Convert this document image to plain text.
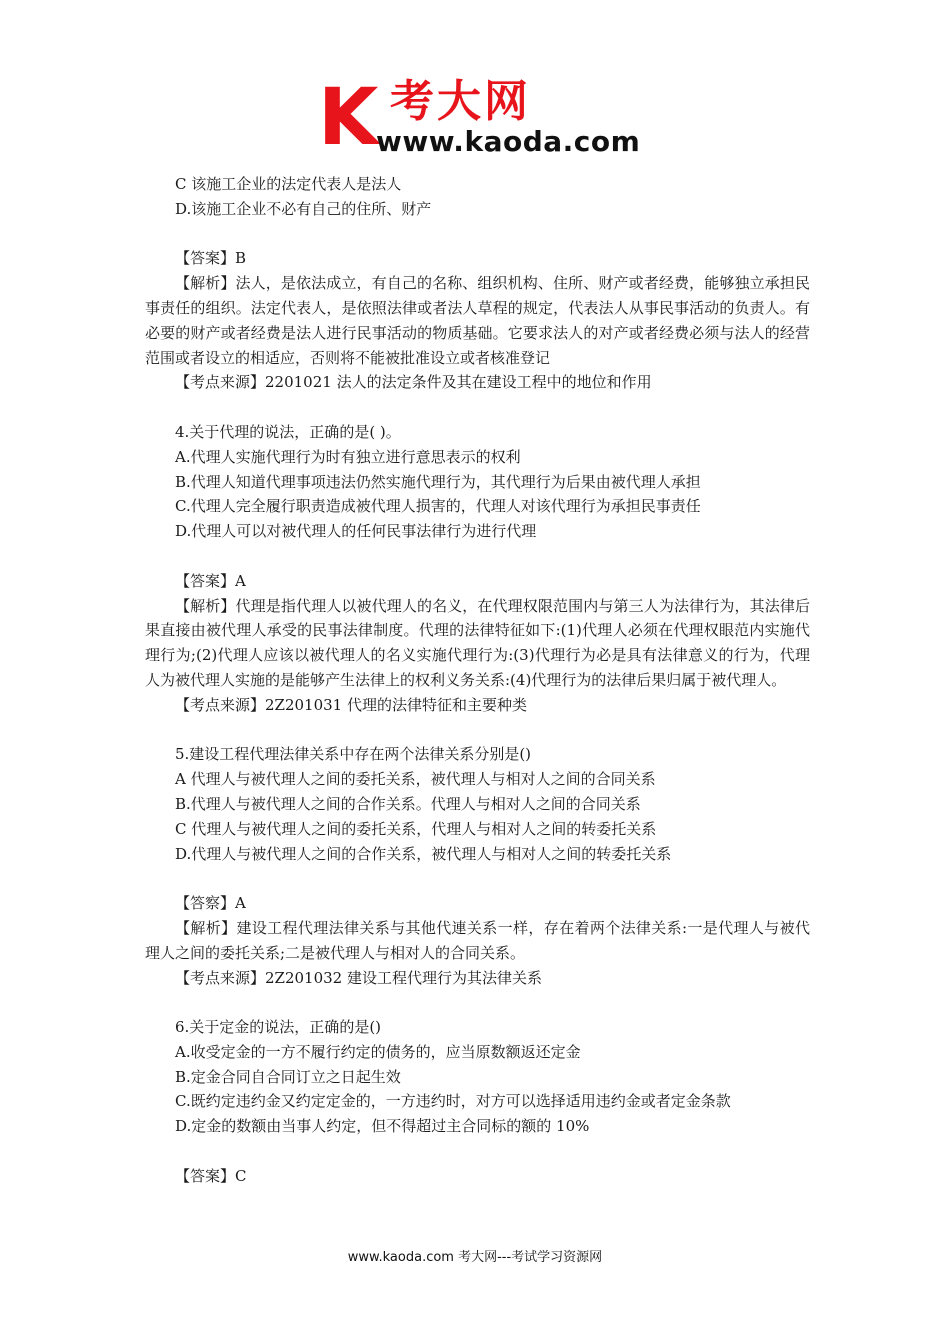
K 考大网
www.kaoda.com

C 该施工企业的法定代表人是法人

D.该施工企业不必有自己的住所、财产

【答案】B

【解析】法人，是依法成立，有自己的名称、组织机构、住所、财产或者经费，能够独立承担民事责任的组织。法定代表人，是依照法律或者法人草程的规定，代表法人从事民事活动的负责人。有必要的财产或者经费是法人进行民事活动的物质基础。它要求法人的对产或者经费必须与法人的经营范围或者设立的相适应，否则将不能被批准设立或者核准登记

【考点来源】2201021 法人的法定条件及其在建设工程中的地位和作用

4.关于代理的说法，正确的是( )。

A.代理人实施代理行为时有独立进行意思表示的权利

B.代理人知道代理事项违法仍然实施代理行为，其代理行为后果由被代理人承担

C.代理人完全履行职责造成被代理人损害的，代理人对该代理行为承担民事责任

D.代理人可以对被代理人的任何民事法律行为进行代理

【答案】A

【解析】代理是指代理人以被代理人的名义，在代理权限范围内与第三人为法律行为，其法律后果直接由被代理人承受的民事法律制度。代理的法律特征如下:(1)代理人必须在代理权眼范内实施代理行为;(2)代理人应该以被代理人的名义实施代理行为:(3)代理行为必是具有法律意义的行为，代理人为被代理人实施的是能够产生法律上的权利义务关系:(4)代理行为的法律后果归属于被代理人。

【考点来源】2Z201031 代理的法律特征和主要种类

5.建设工程代理法律关系中存在两个法律关系分别是()

A 代理人与被代理人之间的委托关系，被代理人与相对人之间的合同关系

B.代理人与被代理人之间的合作关系。代理人与相对人之间的合同关系

C 代理人与被代理人之间的委托关系，代理人与相对人之间的转委托关系

D.代理人与被代理人之间的合作关系，被代理人与相对人之间的转委托关系

【答察】A

【解析】建设工程代理法律关系与其他代連关系一样，存在着两个法律关系:一是代理人与被代理人之间的委托关系;二是被代理人与相对人的合同关系。

【考点来源】2Z201032 建设工程代理行为其法律关系

6.关于定金的说法，正确的是()

A.收受定金的一方不履行约定的债务的，应当原数额返还定金

B.定金合同自合同订立之日起生效

C.既约定违约金又约定定金的，一方违约时，对方可以选择适用违约金或者定金条款

D.定金的数额由当事人约定，但不得超过主合同标的额的 10%

【答案】C

www.kaoda.com 考大网---考试学习资源网
